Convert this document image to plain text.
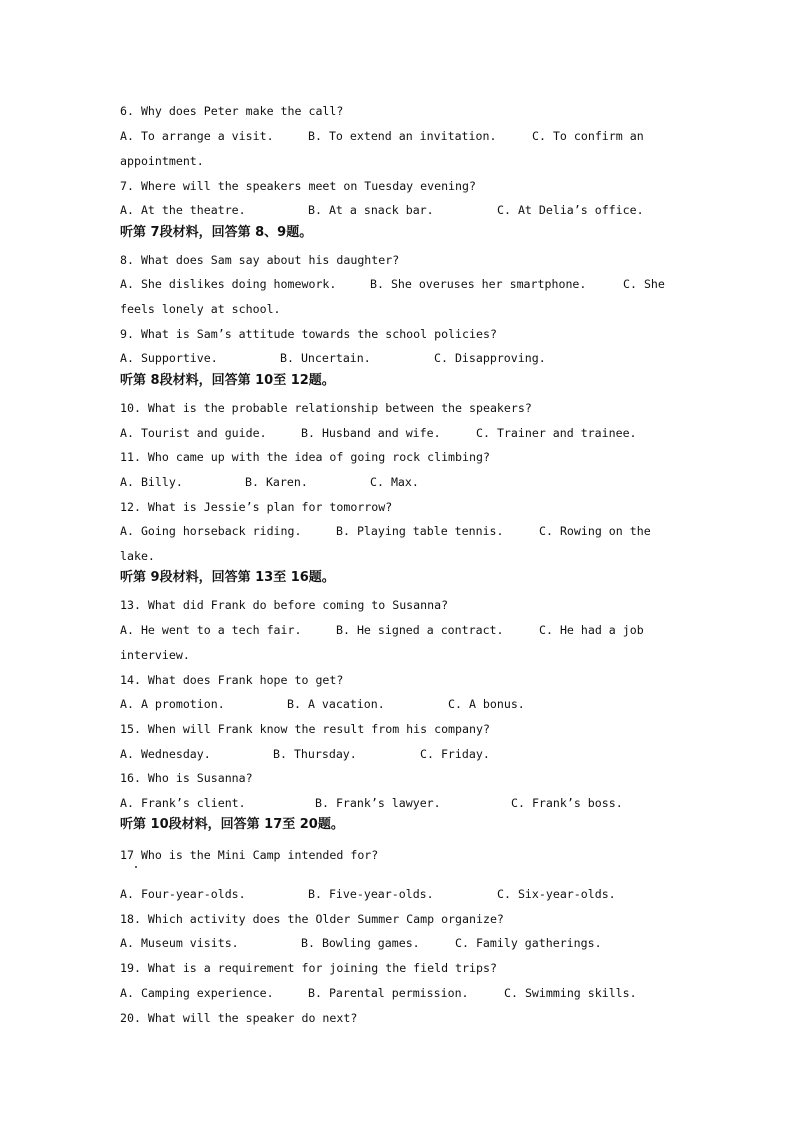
6. Why does Peter make the call?
A. To arrange a visit.	B. To extend an invitation.	C. To confirm an
appointment.
7. Where will the speakers meet on Tuesday evening?
A. At the theatre.	B. At a snack bar.	C. At Delia’s office.
听第 7段材料，回答第 8、9题。
8. What does Sam say about his daughter?
A. She dislikes doing homework.	B. She overuses her smartphone.	C. She
feels lonely at school.
9. What is Sam’s attitude towards the school policies?
A. Supportive.	B. Uncertain.	C. Disapproving.
听第 8段材料，回答第 10至 12题。
10. What is the probable relationship between the speakers?
A. Tourist and guide.	B. Husband and wife.	C. Trainer and trainee.
11. Who came up with the idea of going rock climbing?
A. Billy.	B. Karen.	C. Max.
12. What is Jessie’s plan for tomorrow?
A. Going horseback riding.	B. Playing table tennis.	C. Rowing on the
lake.
听第 9段材料，回答第 13至 16题。
13. What did Frank do before coming to Susanna?
A. He went to a tech fair.	B. He signed a contract.	C. He had a job
interview.
14. What does Frank hope to get?
A. A promotion.	B. A vacation.	C. A bonus.
15. When will Frank know the result from his company?
A. Wednesday.	B. Thursday.	C. Friday.
16. Who is Susanna?
A. Frank’s client.	B. Frank’s lawyer.	C. Frank’s boss.
听第 10段材料，回答第 17至 20题。
17 Who is the Mini Camp intended for?
A. Four-year-olds.	B. Five-year-olds.	C. Six-year-olds.
18. Which activity does the Older Summer Camp organize?
A. Museum visits.	B. Bowling games.	C. Family gatherings.
19. What is a requirement for joining the field trips?
A. Camping experience.	B. Parental permission.	C. Swimming skills.
20. What will the speaker do next?
